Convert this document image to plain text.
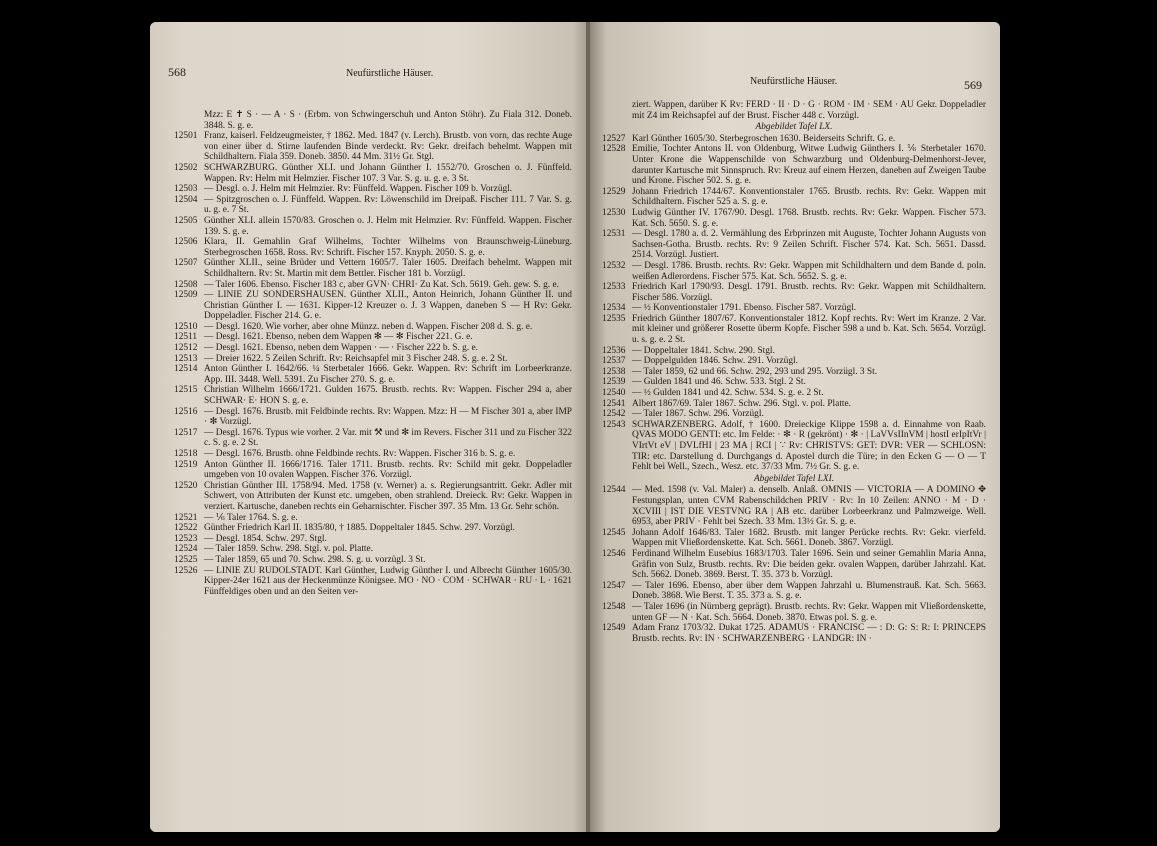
568	Neufürstliche Häuser.
Mzz: E ✝ S · — A · S · (Erbm. von Schwingerschuh und Anton Stöhr). Zu Fiala 312. Doneb. 3848. S. g. e.
12501 Franz, kaiserl. Feldzeugmeister, † 1862. Med. 1847 (v. Lerch). Brustb. von vorn, das rechte Auge von einer über d. Stirne laufenden Binde verdeckt. Rv: Gekr. dreifach behelmt. Wappen mit Schildhaltern. Fiala 359. Doneb. 3850. 44 Mm. 31½ Gr. Stgl.
12502 SCHWARZBURG. Günther XLI. und Johann Günther I. 1552/70. Groschen o. J. Fünffeld. Wappen. Rv: Helm mit Helmzier. Fischer 107. 3 Var. S. g. u. g. e. 3 St.
12503 — Desgl. o. J. Helm mit Helmzier. Rv: Fünffeld. Wappen. Fischer 109 b. Vorzügl.
12504 — Spitzgroschen o. J. Fünffeld. Wappen. Rv: Löwenschild im Dreipaß. Fischer 111. 7 Var. S. g. u. g. e. 7 St.
12505 Günther XLI. allein 1570/83. Groschen o. J. Helm mit Helmzier. Rv: Fünffeld. Wappen. Fischer 139. S. g. e.
12506 Klara, II. Gemahlin Graf Wilhelms, Tochter Wilhelms von Braunschweig-Lüneburg. Sterbegroschen 1658. Ross. Rv: Schrift. Fischer 157. Knyph. 2050. S. g. e.
12507 Günther XLII., seine Brüder und Vettern 1605/7. Taler 1605. Dreifach behelmt. Wappen mit Schildhaltern. Rv: St. Martin mit dem Bettler. Fischer 181 b. Vorzügl.
12508 — Taler 1606. Ebenso. Fischer 183 c, aber GVN· CHRI· Zu Kat. Sch. 5619. Geh. gew. S. g. e.
12509 — LINIE ZU SONDERSHAUSEN. Günther XLII., Anton Heinrich, Johann Günther II. und Christian Günther I. — 1631. Kipper-12 Kreuzer o. J. 3 Wappen, daneben S — H Rv: Gekr. Doppeladler. Fischer 214. G. e.
12510 — Desgl. 1620. Wie vorher, aber ohne Münzz. neben d. Wappen. Fischer 208 d. S. g. e.
12511 — Desgl. 1621. Ebenso, neben dem Wappen ✻ — ✻ Fischer 221. G. e.
12512 — Desgl. 1621. Ebenso, neben dem Wappen · — · Fischer 222 b. S. g. e.
12513 — Dreier 1622. 5 Zeilen Schrift. Rv: Reichsapfel mit 3 Fischer 248. S. g. e. 2 St.
12514 Anton Günther I. 1642/66. ¼ Sterbetaler 1666. Gekr. Wappen. Rv: Schrift im Lorbeerkranze. App. III. 3448. Well. 5391. Zu Fischer 270. S. g. e.
12515 Christian Wilhelm 1666/1721. Gulden 1675. Brustb. rechts. Rv: Wappen. Fischer 294 a, aber SCHWAR· E· HON S. g. e.
12516 — Desgl. 1676. Brustb. mit Feldbinde rechts. Rv: Wappen. Mzz: H — M Fischer 301 a, aber IMP · ✻ Vorzügl.
12517 — Desgl. 1676. Typus wie vorher. 2 Var. mit ⚒ und ✻ im Revers. Fischer 311 und zu Fischer 322 c. S. g. e. 2 St.
12518 — Desgl. 1676. Brustb. ohne Feldbinde rechts. Rv: Wappen. Fischer 316 b. S. g. e.
12519 Anton Günther II. 1666/1716. Taler 1711. Brustb. rechts. Rv: Schild mit gekr. Doppeladler umgeben von 10 ovalen Wappen. Fischer 376. Vorzügl.
12520 Christian Günther III. 1758/94. Med. 1758 (v. Werner) a. s. Regierungsantritt. Gekr. Adler mit Schwert, von Attributen der Kunst etc. umgeben, oben strahlend. Dreieck. Rv: Gekr. Wappen in verziert. Kartusche, daneben rechts ein Geharnischter. Fischer 397. 35 Mm. 13 Gr. Sehr schön.
12521 — ⅙ Taler 1764. S. g. e.
12522 Günther Friedrich Karl II. 1835/80, † 1885. Doppeltaler 1845. Schw. 297. Vorzügl.
12523 — Desgl. 1854. Schw. 297. Stgl.
12524 — Taler 1859. Schw. 298. Stgl. v. pol. Platte.
12525 — Taler 1859, 65 und 70. Schw. 298. S. g. u. vorzügl. 3 St.
12526 — LINIE ZU RUDOLSTADT. Karl Günther, Ludwig Günther I. und Albrecht Günther 1605/30. Kipper-24er 1621 aus der Heckenmünze Königsee. MO · NO · COM · SCHWAR · RU · L · 1621 Fünffeldiges oben und an den Seiten ver-
Neufürstliche Häuser.	569
ziert. Wappen, darüber K Rv: FERD · II · D · G · ROM · IM · SEM · AU Gekr. Doppeladler mit Z4 im Reichsapfel auf der Brust. Fischer 448 c. Vorzügl.
Abgebildet Tafel LX.
12527 Karl Günther 1605/30. Sterbegroschen 1630. Beiderseits Schrift. G. e.
12528 Emilie, Tochter Antons II. von Oldenburg, Witwe Ludwig Günthers I. ⅙ Sterbetaler 1670. Unter Krone die Wappenschilde von Schwarzburg und Oldenburg-Delmenhorst-Jever, darunter Kartusche mit Sinnspruch. Rv: Kreuz auf einem Herzen, daneben auf Zweigen Taube und Krone. Fischer 502. S. g. e.
12529 Johann Friedrich 1744/67. Konventionstaler 1765. Brustb. rechts. Rv: Gekr. Wappen mit Schildhaltern. Fischer 525 a. S. g. e.
12530 Ludwig Günther IV. 1767/90. Desgl. 1768. Brustb. rechts. Rv: Gekr. Wappen. Fischer 573. Kat. Sch. 5650. S. g. e.
12531 — Desgl. 1780 a. d. 2. Vermählung des Erbprinzen mit Auguste, Tochter Johann Augusts von Sachsen-Gotha. Brustb. rechts. Rv: 9 Zeilen Schrift. Fischer 574. Kat. Sch. 5651. Dassd. 2514. Vorzügl. Justiert.
12532 — Desgl. 1786. Brustb. rechts. Rv: Gekr. Wappen mit Schildhaltern und dem Bande d. poln. weißen Adlerordens. Fischer 575. Kat. Sch. 5652. S. g. e.
12533 Friedrich Karl 1790/93. Desgl. 1791. Brustb. rechts. Rv: Gekr. Wappen mit Schildhaltern. Fischer 586. Vorzügl.
12534 — ½ Konventionstaler 1791. Ebenso. Fischer 587. Vorzügl.
12535 Friedrich Günther 1807/67. Konventionstaler 1812. Kopf rechts. Rv: Wert im Kranze. 2 Var. mit kleiner und größerer Rosette überm Kopfe. Fischer 598 a und b. Kat. Sch. 5654. Vorzügl. u. s. g. e. 2 St.
12536 — Doppeltaler 1841. Schw. 290. Stgl.
12537 — Doppelgulden 1846. Schw. 291. Vorzügl.
12538 — Taler 1859, 62 und 66. Schw. 292, 293 und 295. Vorzügl. 3 St.
12539 — Gulden 1841 und 46. Schw. 533. Stgl. 2 St.
12540 — ½ Gulden 1841 und 42. Schw. 534. S. g. e. 2 St.
12541 Albert 1867/69. Taler 1867. Schw. 296. Stgl. v. pol. Platte.
12542 — Taler 1867. Schw. 296. Vorzügl.
12543 SCHWARZENBERG. Adolf, † 1600. Dreieckige Klippe 1598 a. d. Einnahme von Raab. QVAS MODO GENTI: etc. Im Felde: · ✻ · R (gekrönt) · ✻ · | LaVVsIInVM | hostI erIpItVr | VIrtVt eV | DVLfHI | 23 MA | RCI | ∵ Rv: CHRISTVS: GET: DVR: VER — SCHLOSN: TIR: etc. Darstellung d. Durchgangs d. Apostel durch die Türe; in den Ecken G — O — T Fehlt bei Well., Szech., Wesz. etc. 37/33 Mm. 7½ Gr. S. g. e.
Abgebildet Tafel LXI.
12544 — Med. 1598 (v. Val. Maler) a. denselb. Anlaß. OMNIS — VICTORIA — A DOMINO ✥ Festungsplan, unten CVM Rabenschildchen PRIV · Rv: In 10 Zeilen: ANNO · M · D · XCVIII | IST DIE VESTVNG RA | AB etc. darüber Lorbeerkranz und Palmzweige. Well. 6953, aber PRIV · Fehlt bei Szech. 33 Mm. 13½ Gr. S. g. e.
12545 Johann Adolf 1646/83. Taler 1682. Brustb. mit langer Perücke rechts. Rv: Gekr. vierfeld. Wappen mit Vließordenskette. Kat. Sch. 5661. Doneb. 3867. Vorzügl.
12546 Ferdinand Wilhelm Eusebius 1683/1703. Taler 1696. Sein und seiner Gemahlin Maria Anna, Gräfin von Sulz, Brustb. rechts. Rv: Die beiden gekr. ovalen Wappen, darüber Jahrzahl. Kat. Sch. 5662. Doneb. 3869. Berst. T. 35. 373 b. Vorzügl.
12547 — Taler 1696. Ebenso, aber über dem Wappen Jahrzahl u. Blumenstrauß. Kat. Sch. 5663. Doneb. 3868. Wie Berst. T. 35. 373 a. S. g. e.
12548 — Taler 1696 (in Nürnberg geprägt). Brustb. rechts. Rv: Gekr. Wappen mit Vließordenskette, unten GF — N · Kat. Sch. 5664. Doneb. 3870. Etwas pol. S. g. e.
12549 Adam Franz 1703/32. Dukat 1725. ADAMUS · FRANCISC — : D: G: S: R: I: PRINCEPS Brustb. rechts. Rv: IN · SCHWARZENBERG · LANDGR: IN ·
